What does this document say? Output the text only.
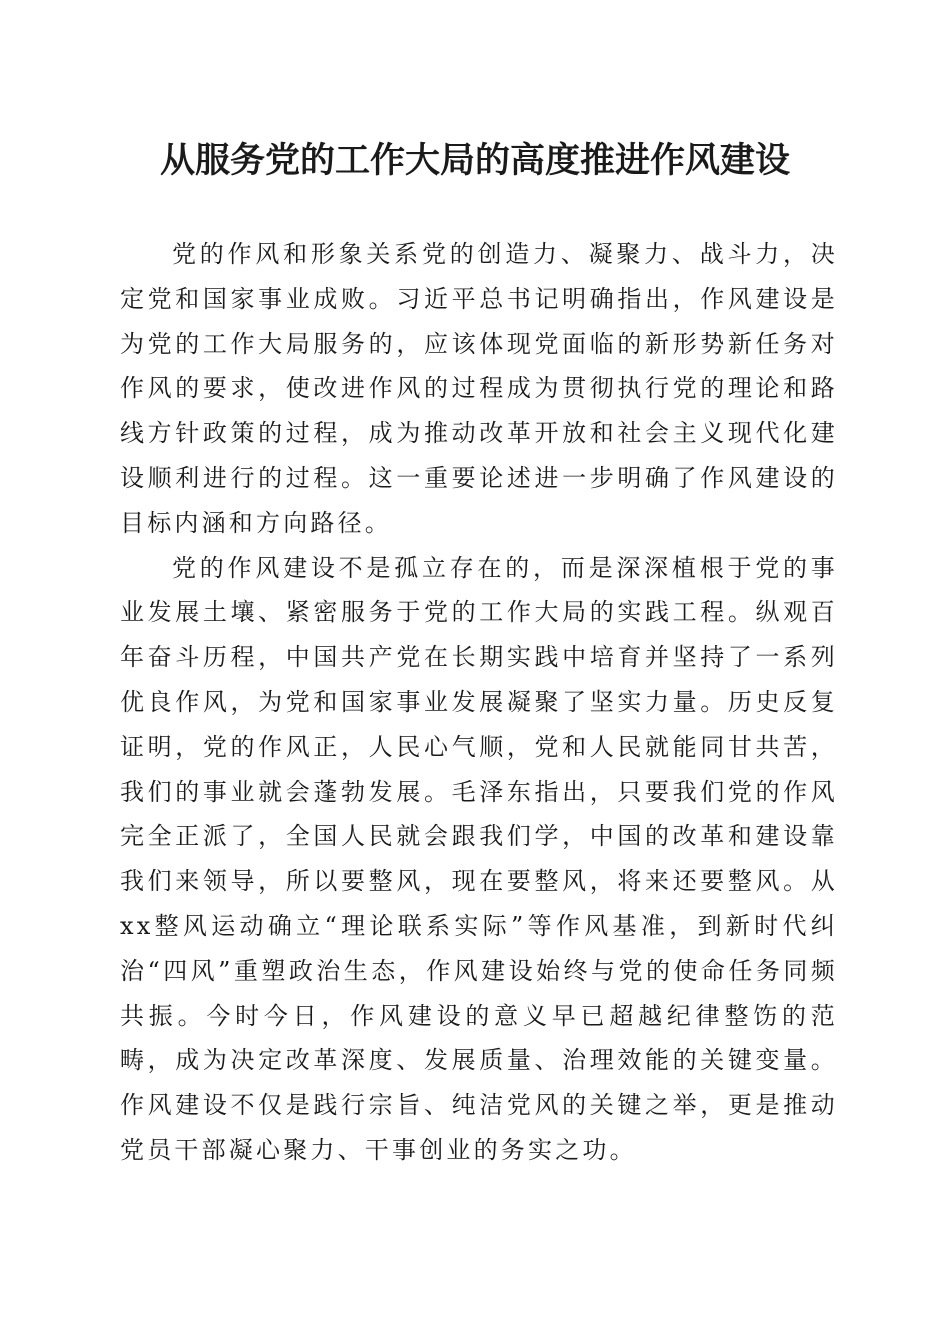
从服务党的工作大局的高度推进作风建设

党的作风和形象关系党的创造力、凝聚力、战斗力，决定党和国家事业成败。习近平总书记明确指出，作风建设是为党的工作大局服务的，应该体现党面临的新形势新任务对作风的要求，使改进作风的过程成为贯彻执行党的理论和路线方针政策的过程，成为推动改革开放和社会主义现代化建设顺利进行的过程。这一重要论述进一步明确了作风建设的目标内涵和方向路径。

党的作风建设不是孤立存在的，而是深深植根于党的事业发展土壤、紧密服务于党的工作大局的实践工程。纵观百年奋斗历程，中国共产党在长期实践中培育并坚持了一系列优良作风，为党和国家事业发展凝聚了坚实力量。历史反复证明，党的作风正，人民心气顺，党和人民就能同甘共苦，我们的事业就会蓬勃发展。毛泽东指出，只要我们党的作风完全正派了，全国人民就会跟我们学，中国的改革和建设靠我们来领导，所以要整风，现在要整风，将来还要整风。从xx整风运动确立“理论联系实际”等作风基准，到新时代纠治“四风”重塑政治生态，作风建设始终与党的使命任务同频共振。今时今日，作风建设的意义早已超越纪律整饬的范畴，成为决定改革深度、发展质量、治理效能的关键变量。作风建设不仅是践行宗旨、纯洁党风的关键之举，更是推动党员干部凝心聚力、干事创业的务实之功。
